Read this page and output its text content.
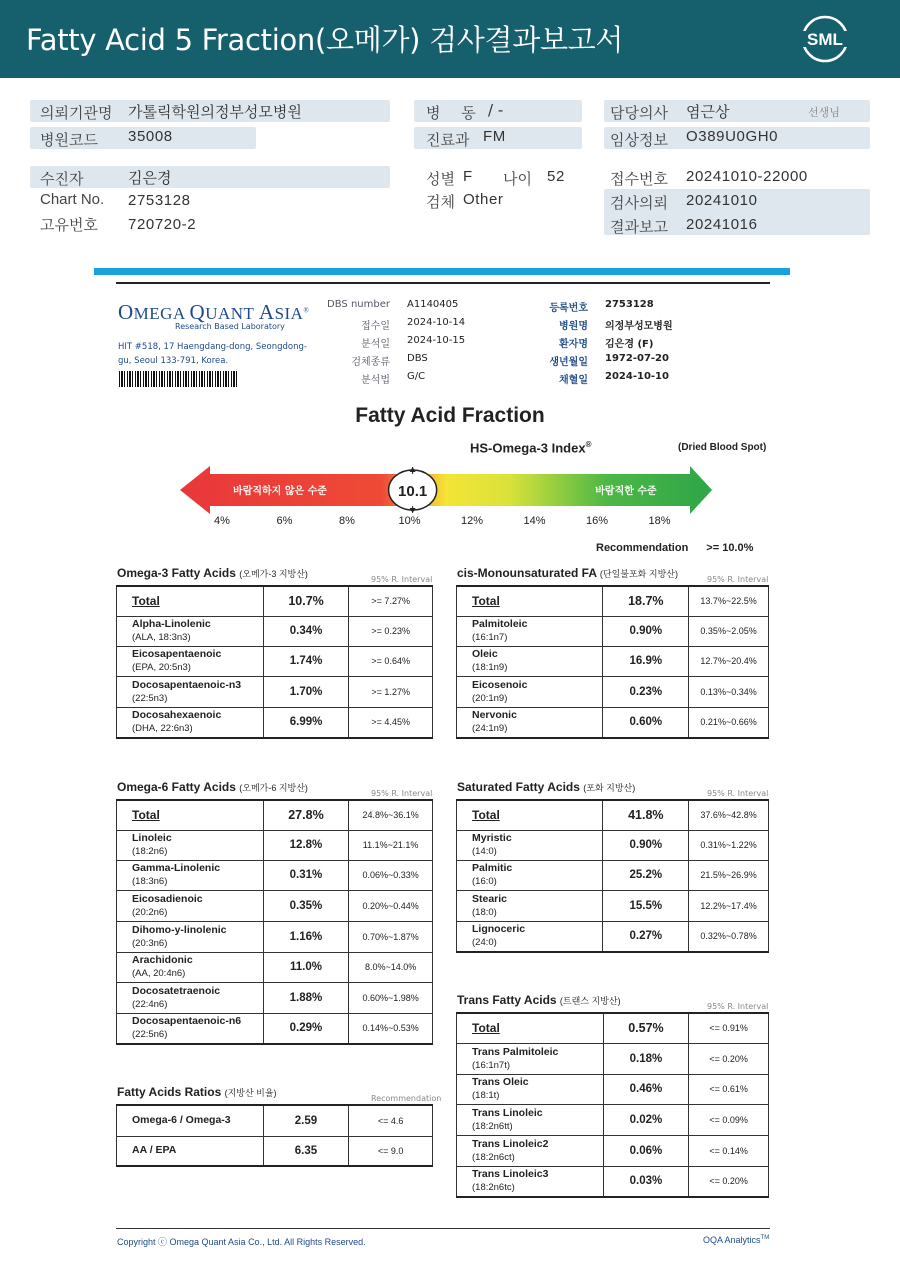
Fatty Acid 5 Fraction(오메가) 검사결과보고서	SML
의뢰기관명 가톨릭학원의정부성모병원	병 동 / -	담당의사 염근상	선생님
병원코드 35008	진료과 FM	임상정보 O389U0GH0
수진자	김은경	성별 F 나이 52	접수번호 20241010-22000
Chart No. 2753128	검체 Other	검사의뢰 20241010
고유번호 720720-2	결과보고 20241016
OMEGA QUANT ASIA®
Research Based Laboratory
HIT #518, 17 Haengdang-dong, Seongdong-gu, Seoul 133-791, Korea.
DBS number A1140405
접수일 2024-10-14
분석일 2024-10-15
검체종류 DBS
분석법 G/C
등록번호 2753128
병원명 의정부성모병원
환자명 김은경 (F)
생년월일 1972-07-20
채혈일 2024-10-10
Fatty Acid Fraction
HS-Omega-3 Index®	(Dried Blood Spot)
바람직하지 않은 수준	바람직한 수준
10.1
4%	6%	8%	10%	12%	14%	16%	18%
Recommendation >= 10.0%
Omega-3 Fatty Acids (오메가-3 지방산)
95% R. Interval
Total	10.7%	>= 7.27%
Alpha-Linolenic
(ALA, 18:3n3)	0.34%	>= 0.23%
Eicosapentaenoic
(EPA, 20:5n3)	1.74%	>= 0.64%
Docosapentaenoic-n3
(22:5n3)	1.70%	>= 1.27%
Docosahexaenoic
(DHA, 22:6n3)	6.99%	>= 4.45%
cis-Monounsaturated FA (단일불포화 지방산)
95% R. Interval
Total	18.7%	13.7%~22.5%
Palmitoleic
(16:1n7)	0.90%	0.35%~2.05%
Oleic
(18:1n9)	16.9%	12.7%~20.4%
Eicosenoic
(20:1n9)	0.23%	0.13%~0.34%
Nervonic
(24:1n9)	0.60%	0.21%~0.66%
Omega-6 Fatty Acids (오메가-6 지방산)
95% R. Interval
Total	27.8%	24.8%~36.1%
Linoleic
(18:2n6)	12.8%	11.1%~21.1%
Gamma-Linolenic
(18:3n6)	0.31%	0.06%~0.33%
Eicosadienoic
(20:2n6)	0.35%	0.20%~0.44%
Dihomo-y-linolenic
(20:3n6)	1.16%	0.70%~1.87%
Arachidonic
(AA, 20:4n6)	11.0%	8.0%~14.0%
Docosatetraenoic
(22:4n6)	1.88%	0.60%~1.98%
Docosapentaenoic-n6
(22:5n6)	0.29%	0.14%~0.53%
Saturated Fatty Acids (포화 지방산)
95% R. Interval
Total	41.8%	37.6%~42.8%
Myristic
(14:0)	0.90%	0.31%~1.22%
Palmitic
(16:0)	25.2%	21.5%~26.9%
Stearic
(18:0)	15.5%	12.2%~17.4%
Lignoceric
(24:0)	0.27%	0.32%~0.78%
Trans Fatty Acids (트랜스 지방산)
95% R. Interval
Total	0.57%	<= 0.91%
Trans Palmitoleic
(16:1n7t)	0.18%	<= 0.20%
Trans Oleic
(18:1t)	0.46%	<= 0.61%
Trans Linoleic
(18:2n6tt)	0.02%	<= 0.09%
Trans Linoleic2
(18:2n6ct)	0.06%	<= 0.14%
Trans Linoleic3
(18:2n6tc)	0.03%	<= 0.20%
Fatty Acids Ratios (지방산 비율)
Recommendation
Omega-6 / Omega-3	2.59	<= 4.6
AA / EPA	6.35	<= 9.0
Copyright ⓒ Omega Quant Asia Co., Ltd. All Rights Reserved.	OQA Analytics™
